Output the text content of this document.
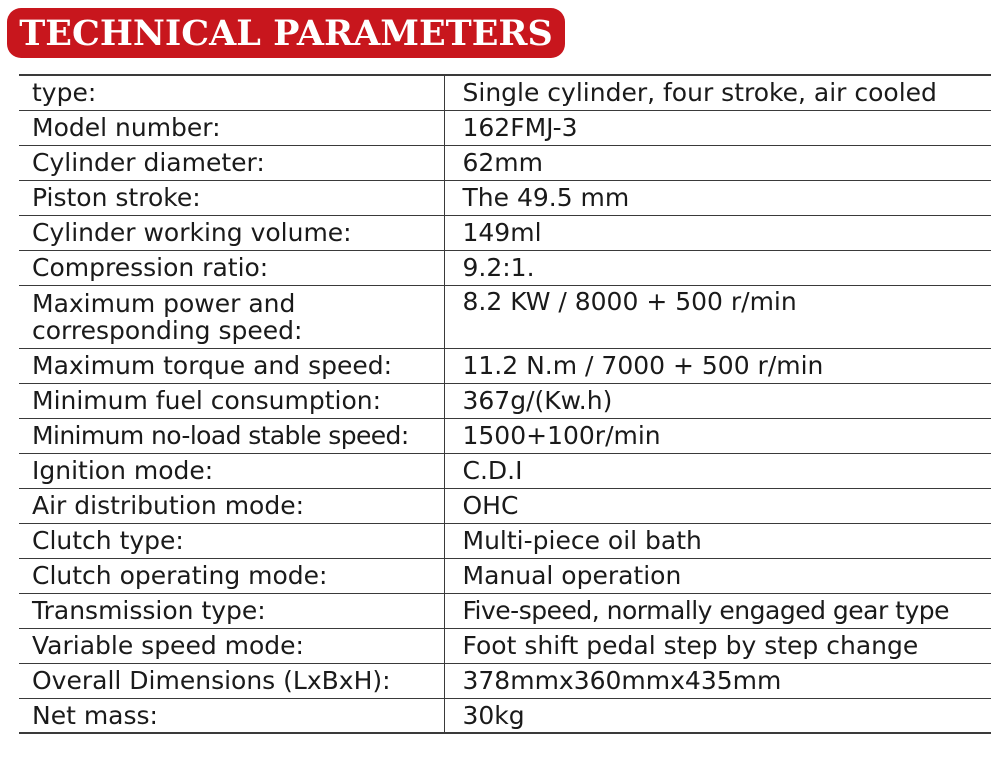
TECHNICAL PARAMETERS
type:	Single cylinder, four stroke, air cooled
Model number:	162FMJ-3
Cylinder diameter:	62mm
Piston stroke:	The 49.5 mm
Cylinder working volume:	149ml
Compression ratio:	9.2:1.
Maximum power and corresponding speed:	8.2 KW / 8000 + 500 r/min
Maximum torque and speed:	11.2 N.m / 7000 + 500 r/min
Minimum fuel consumption:	367g/(Kw.h)
Minimum no-load stable speed:	1500+100r/min
Ignition mode:	C.D.I
Air distribution mode:	OHC
Clutch type:	Multi-piece oil bath
Clutch operating mode:	Manual operation
Transmission type:	Five-speed, normally engaged gear type
Variable speed mode:	Foot shift pedal step by step change
Overall Dimensions (LxBxH):	378mmx360mmx435mm
Net mass:	30kg
